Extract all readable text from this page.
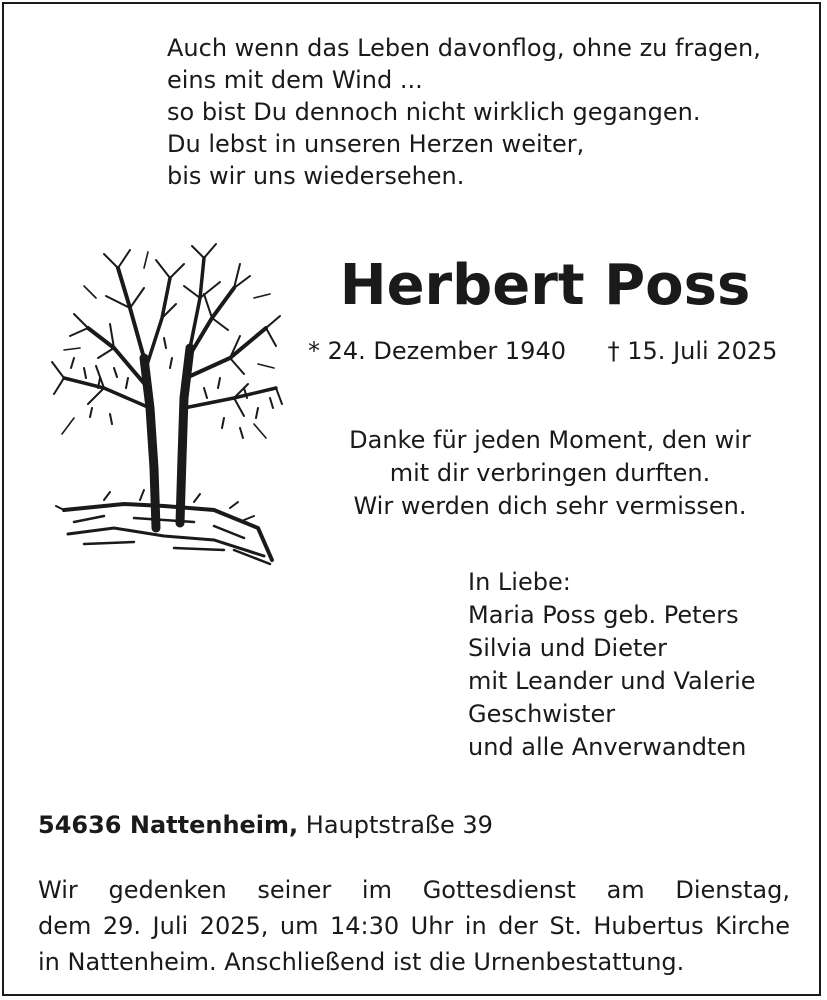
Auch wenn das Leben davonflog, ohne zu fragen,
eins mit dem Wind ...
so bist Du dennoch nicht wirklich gegangen.
Du lebst in unseren Herzen weiter,
bis wir uns wiedersehen.
Herbert Poss
* 24. Dezember 1940 † 15. Juli 2025
Danke für jeden Moment, den wir
mit dir verbringen durften.
Wir werden dich sehr vermissen.
In Liebe:
Maria Poss geb. Peters
Silvia und Dieter
mit Leander und Valerie
Geschwister
und alle Anverwandten
54636 Nattenheim, Hauptstraße 39
Wir gedenken seiner im Gottesdienst am Dienstag,
dem 29. Juli 2025, um 14:30 Uhr in der St. Hubertus Kirche
in Nattenheim. Anschließend ist die Urnenbestattung.
